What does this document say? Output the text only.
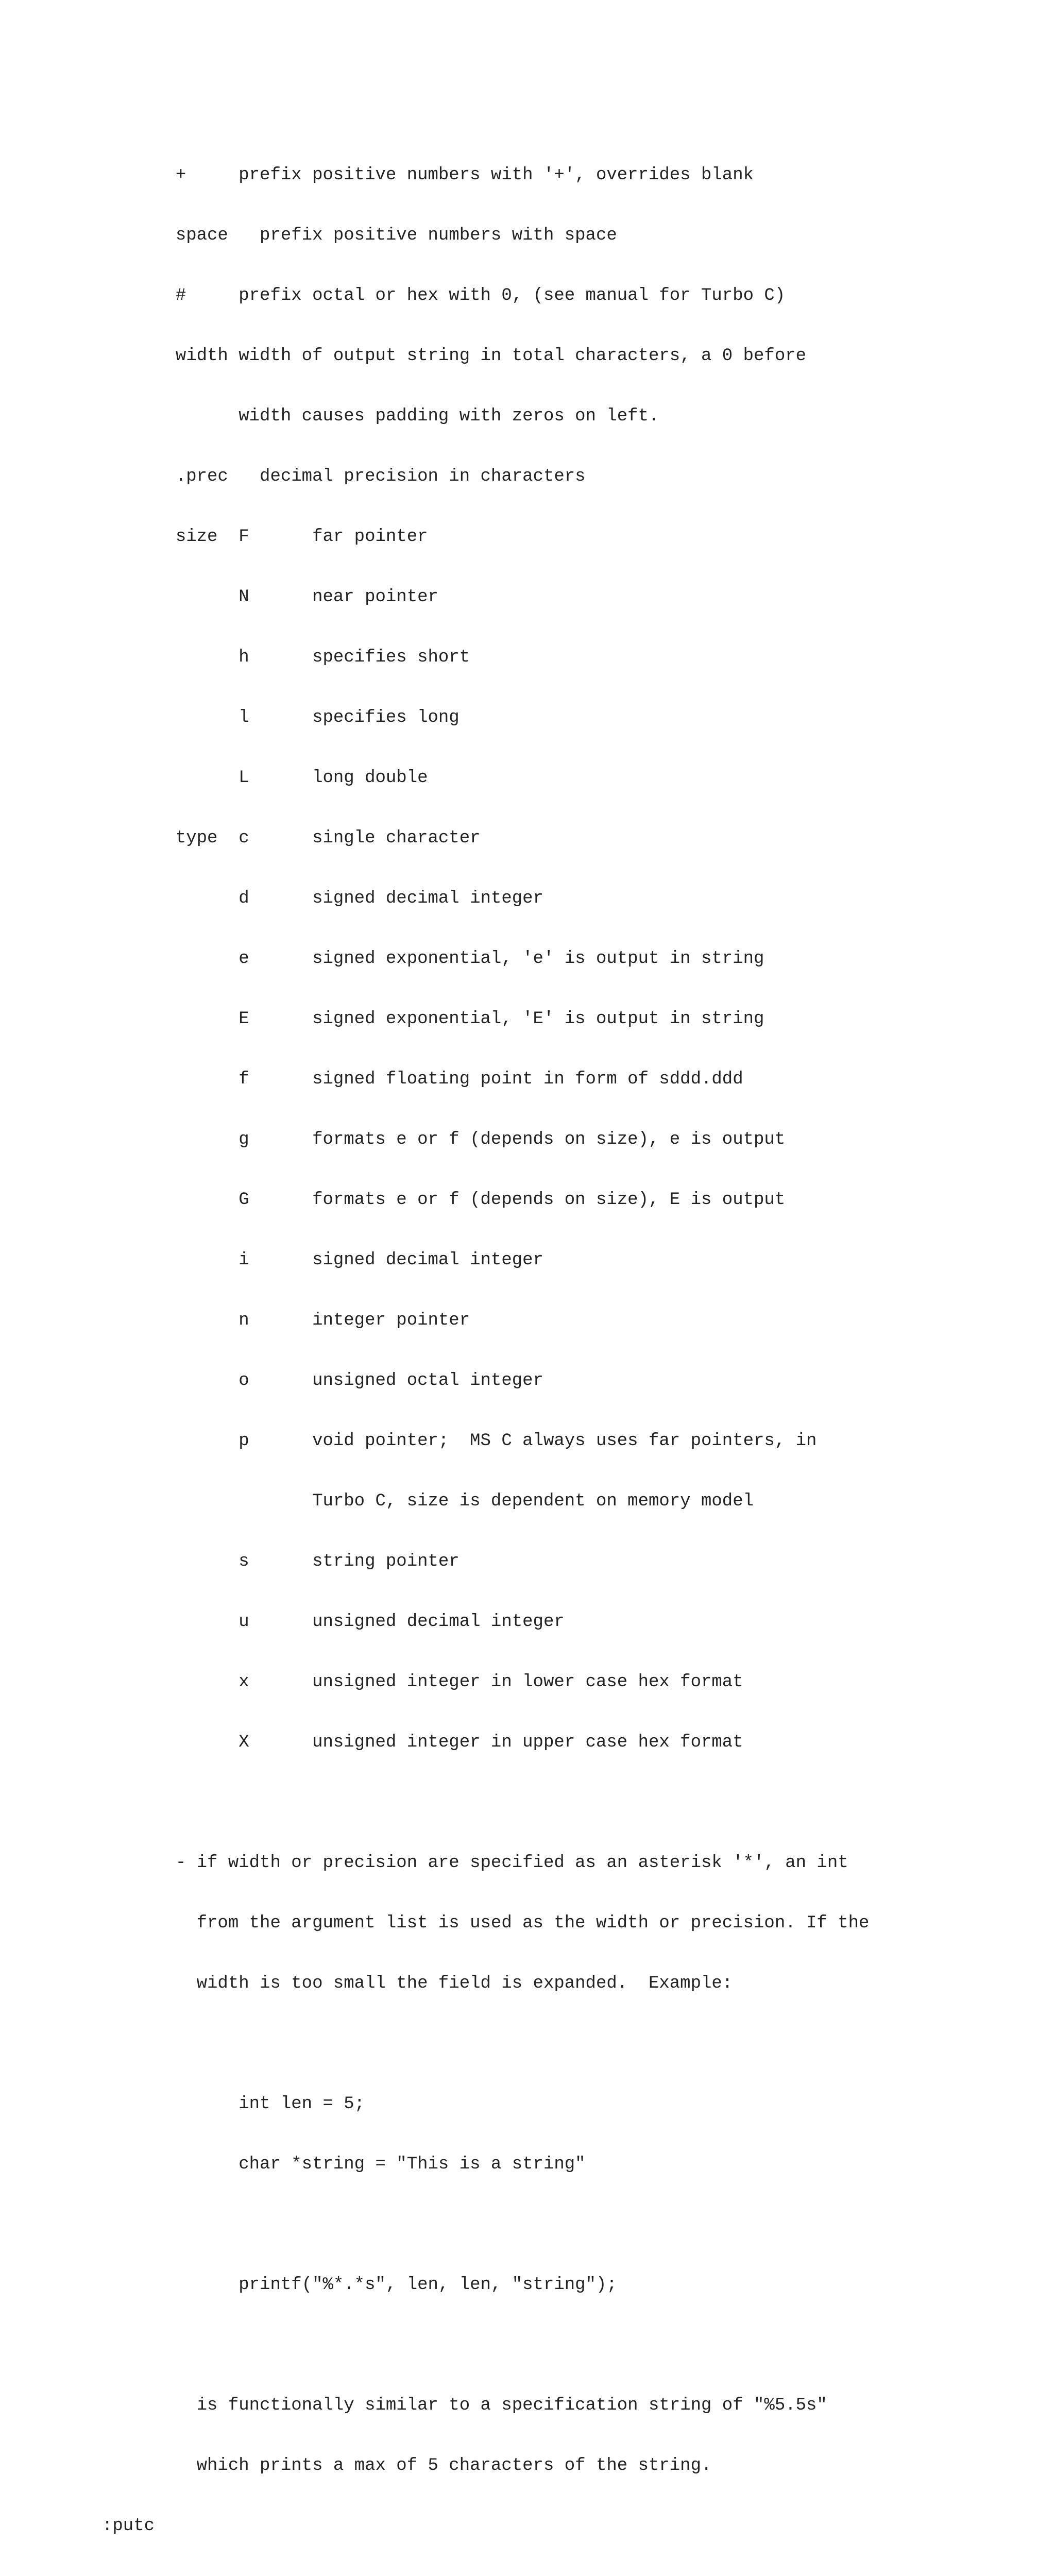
+     prefix positive numbers with '+', overrides blank

space   prefix positive numbers with space

#     prefix octal or hex with 0, (see manual for Turbo C)

width width of output string in total characters, a 0 before

width causes padding with zeros on left.

.prec   decimal precision in characters

size  F      far pointer

N      near pointer

h      specifies short

l      specifies long

L      long double

type  c      single character

d      signed decimal integer

e      signed exponential, 'e' is output in string

E      signed exponential, 'E' is output in string

f      signed floating point in form of sddd.ddd

g      formats e or f (depends on size), e is output

G      formats e or f (depends on size), E is output

i      signed decimal integer

n      integer pointer

o      unsigned octal integer

p      void pointer;  MS C always uses far pointers, in

Turbo C, size is dependent on memory model

s      string pointer

u      unsigned decimal integer

x      unsigned integer in lower case hex format

X      unsigned integer in upper case hex format

- if width or precision are specified as an asterisk '*', an int

from the argument list is used as the width or precision. If the

width is too small the field is expanded.  Example:

int len = 5;

char *string = "This is a string"

printf("%*.*s", len, len, "string");

is functionally similar to a specification string of "%5.5s"

which prints a max of 5 characters of the string.

:putc
